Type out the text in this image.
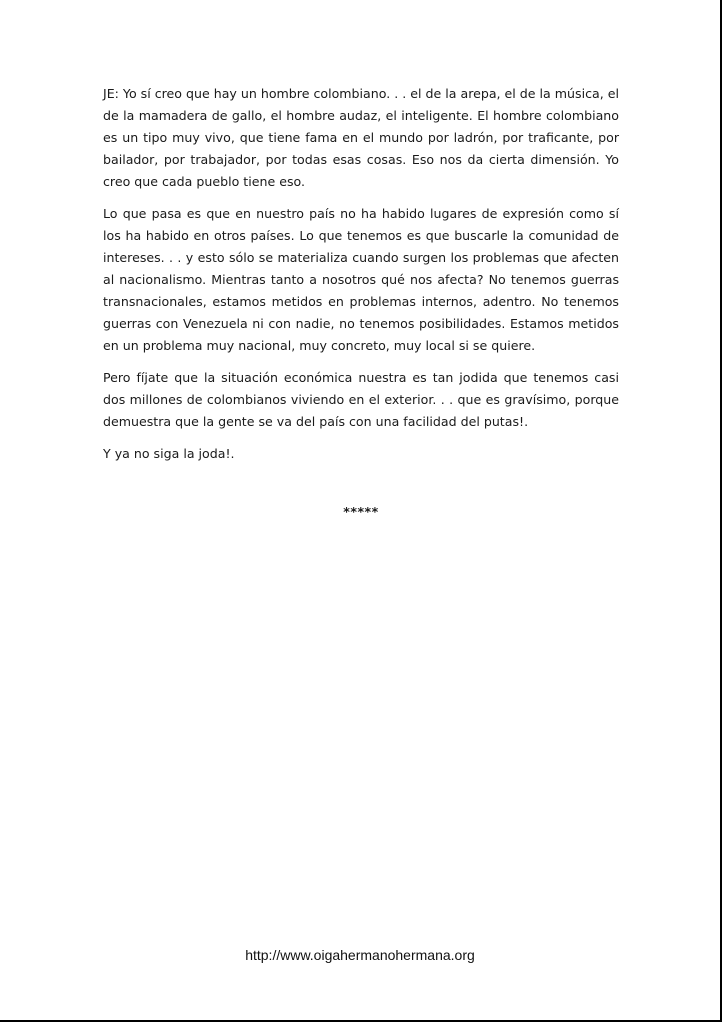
JE: Yo sí creo que hay un hombre colombiano. . . el de la arepa, el de la música, el de la mamadera de gallo, el hombre audaz, el inteligente. El hombre colombiano es un tipo muy vivo, que tiene fama en el mundo por ladrón, por traficante, por bailador, por trabajador, por todas esas cosas. Eso nos da cierta dimensión. Yo creo que cada pueblo tiene eso.

Lo que pasa es que en nuestro país no ha habido lugares de expresión como sí los ha habido en otros países. Lo que tenemos es que buscarle la comunidad de intereses. . . y esto sólo se materializa cuando surgen los problemas que afecten al nacionalismo. Mientras tanto a nosotros qué nos afecta? No tenemos guerras transnacionales, estamos metidos en problemas internos, adentro. No tenemos guerras con Venezuela ni con nadie, no tenemos posibilidades. Estamos metidos en un problema muy nacional, muy concreto, muy local si se quiere.

Pero fíjate que la situación económica nuestra es tan jodida que tenemos casi dos millones de colombianos viviendo en el exterior. . . que es gravísimo, porque demuestra que la gente se va del país con una facilidad del putas!.

Y ya no siga la joda!.

*****
http://www.oigahermanohermana.org
